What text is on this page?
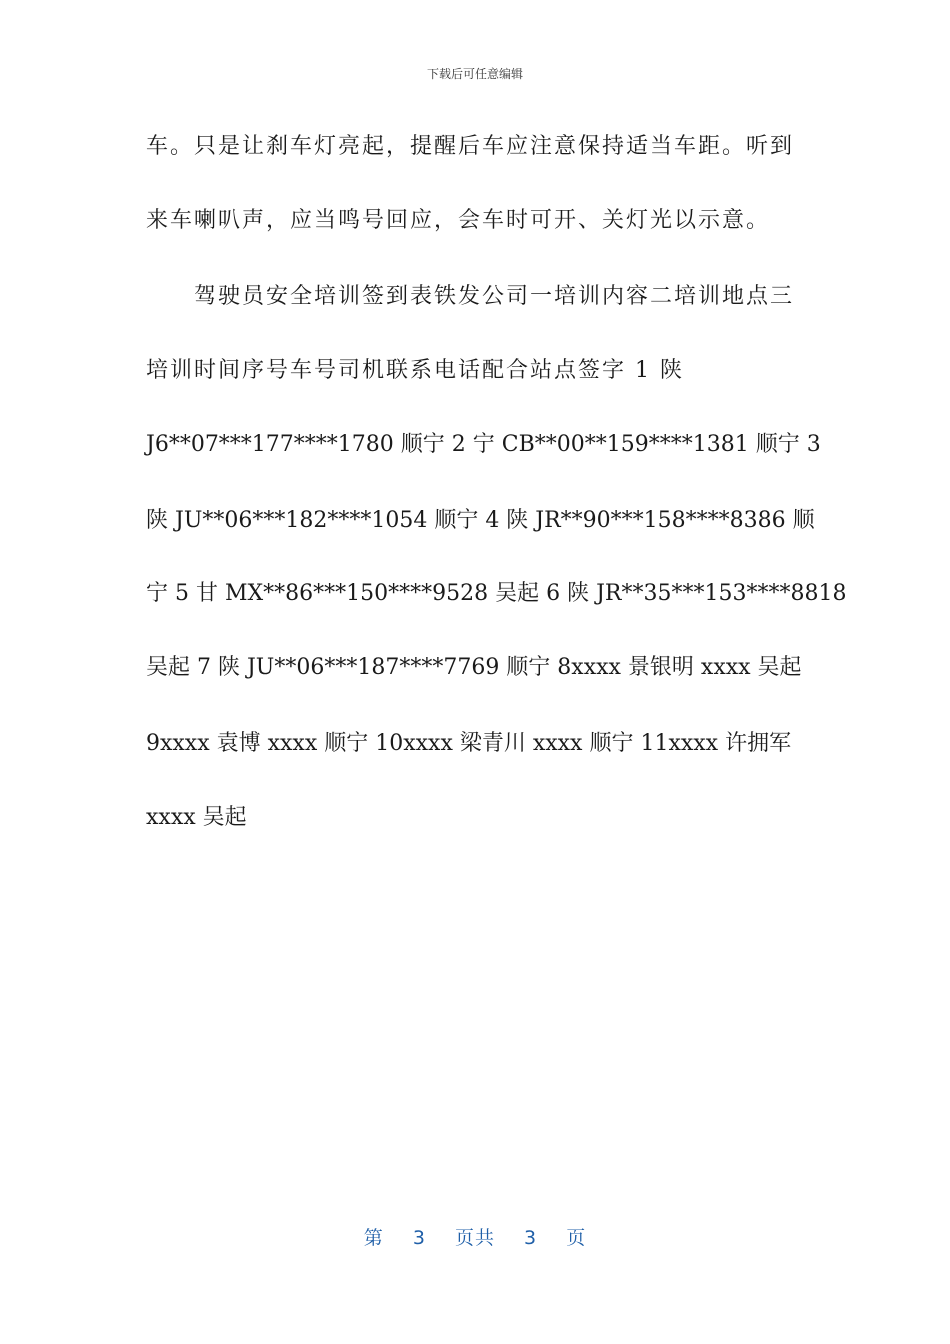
下载后可任意编辑
车。只是让刹车灯亮起，提醒后车应注意保持适当车距。听到
来车喇叭声，应当鸣号回应，会车时可开、关灯光以示意。
驾驶员安全培训签到表铁发公司一培训内容二培训地点三
培训时间序号车号司机联系电话配合站点签字 1 陕
J6**07***177****1780 顺宁 2 宁 CB**00**159****1381 顺宁 3
陕 JU**06***182****1054 顺宁 4 陕 JR**90***158****8386 顺
宁 5 甘 MX**86***150****9528 吴起 6 陕 JR**35***153****8818
吴起 7 陕 JU**06***187****7769 顺宁 8xxxx 景银明 xxxx 吴起
9xxxx 袁博 xxxx 顺宁 10xxxx 梁青川 xxxx 顺宁 11xxxx 许拥军
xxxx 吴起
第 3 页共 3 页
